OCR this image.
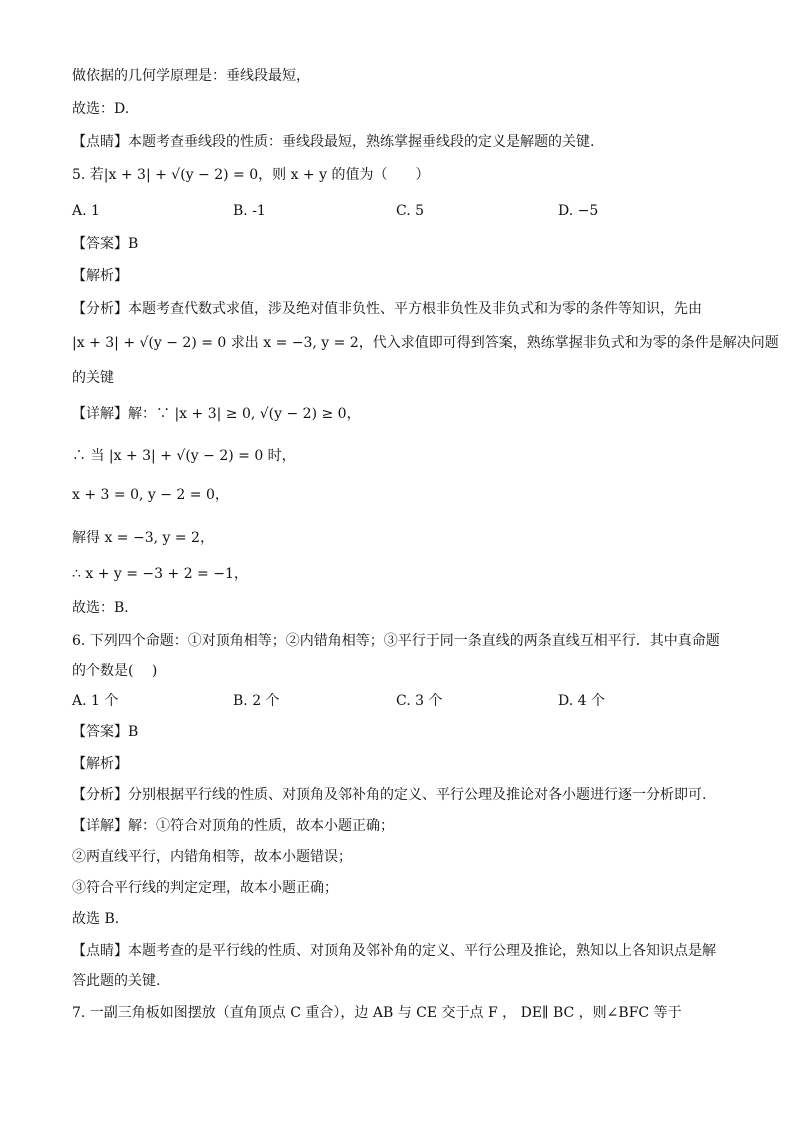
做依据的几何学原理是：垂线段最短，
故选：D.
【点睛】本题考查垂线段的性质：垂线段最短，熟练掌握垂线段的定义是解题的关键.
5. 若|x + 3| + √(y − 2) = 0，则 x + y 的值为（　　）
A. 1	B. -1	C. 5	D. −5
【答案】B
【解析】
【分析】本题考查代数式求值，涉及绝对值非负性、平方根非负性及非负式和为零的条件等知识，先由
|x + 3| + √(y − 2) = 0 求出 x = −3, y = 2，代入求值即可得到答案，熟练掌握非负式和为零的条件是解决问题
的关键
【详解】解：∵ |x + 3| ≥ 0, √(y − 2) ≥ 0，
∴ 当 |x + 3| + √(y − 2) = 0 时，
x + 3 = 0, y − 2 = 0，
解得 x = −3, y = 2，
∴ x + y = −3 + 2 = −1，
故选：B．
6. 下列四个命题：①对顶角相等；②内错角相等；③平行于同一条直线的两条直线互相平行．其中真命题
的个数是(　 )
A. 1 个	B. 2 个	C. 3 个	D. 4 个
【答案】B
【解析】
【分析】分别根据平行线的性质、对顶角及邻补角的定义、平行公理及推论对各小题进行逐一分析即可.
【详解】解：①符合对顶角的性质，故本小题正确；
②两直线平行，内错角相等，故本小题错误；
③符合平行线的判定定理，故本小题正确；
故选 B.
【点睛】本题考查的是平行线的性质、对顶角及邻补角的定义、平行公理及推论，熟知以上各知识点是解
答此题的关键.
7. 一副三角板如图摆放（直角顶点 C 重合），边 AB 与 CE 交于点 F ， DE∥ BC ，则∠BFC 等于
